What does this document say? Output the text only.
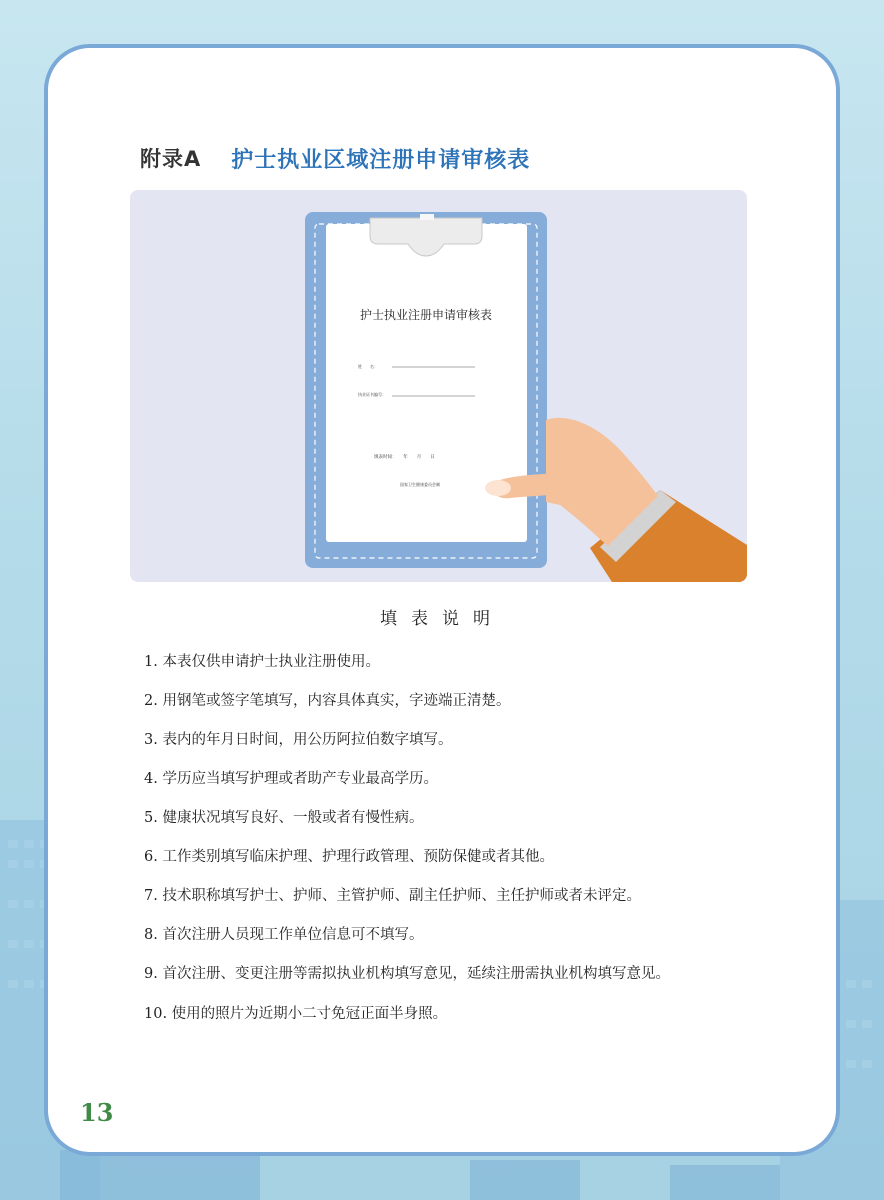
附录A 护士执业区域注册申请审核表
护士执业注册申请审核表
姓　　名：
执业证书编号：
填表时间：　　年　　月　　日
国家卫生健康委员会制
填表说明
1. 本表仅供申请护士执业注册使用。
2. 用钢笔或签字笔填写，内容具体真实，字迹端正清楚。
3. 表内的年月日时间，用公历阿拉伯数字填写。
4. 学历应当填写护理或者助产专业最高学历。
5. 健康状况填写良好、一般或者有慢性病。
6. 工作类别填写临床护理、护理行政管理、预防保健或者其他。
7. 技术职称填写护士、护师、主管护师、副主任护师、主任护师或者未评定。
8. 首次注册人员现工作单位信息可不填写。
9. 首次注册、变更注册等需拟执业机构填写意见，延续注册需执业机构填写意见。
10. 使用的照片为近期小二寸免冠正面半身照。
13
